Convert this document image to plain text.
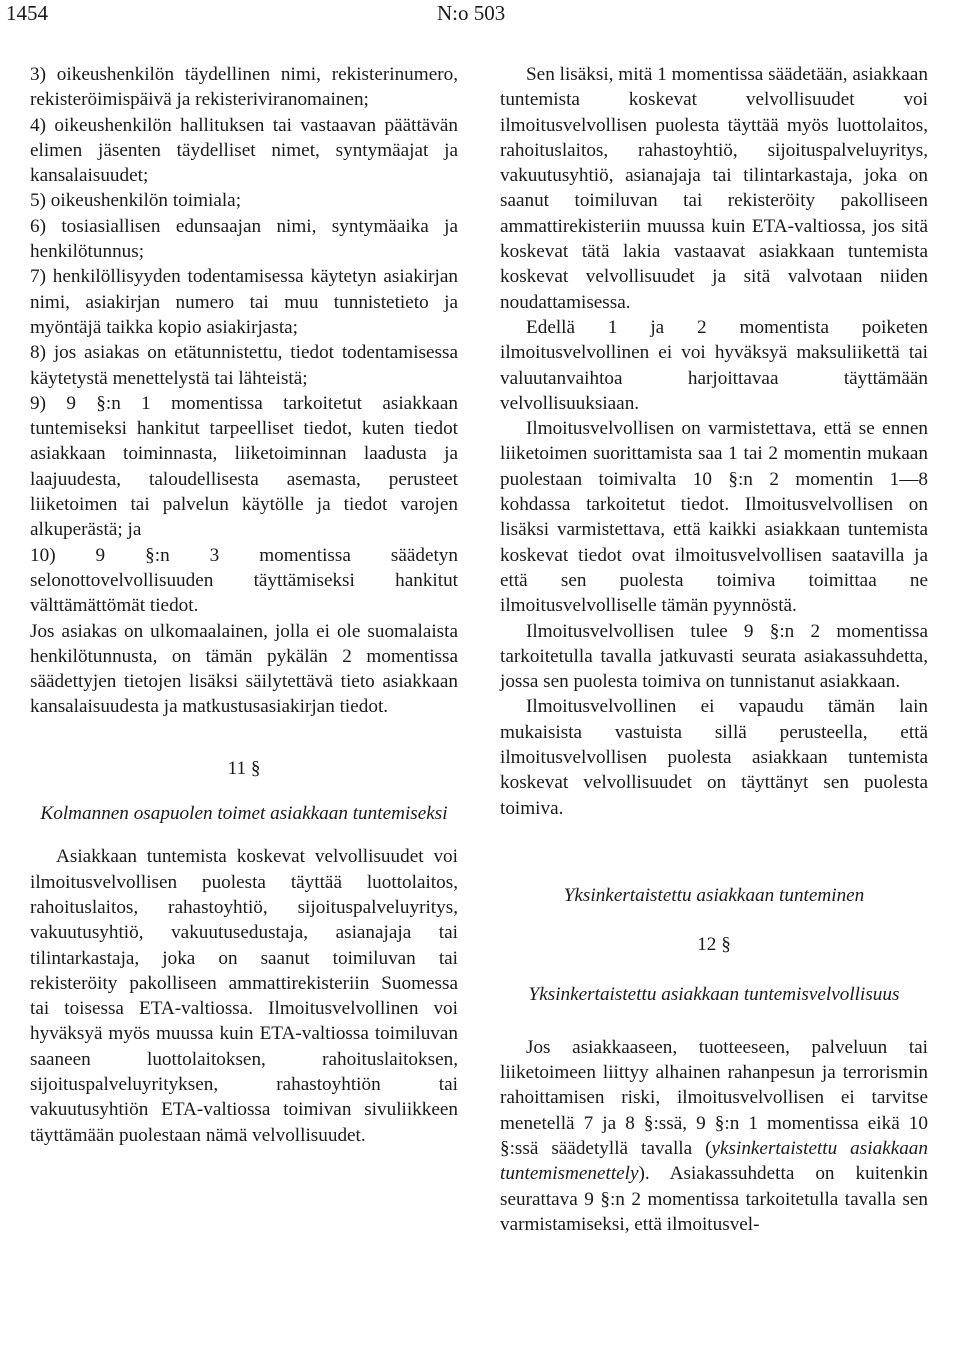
1454	N:o 503

3) oikeushenkilön täydellinen nimi, rekisterinumero, rekisteröimispäivä ja rekisteriviranomainen;

4) oikeushenkilön hallituksen tai vastaavan päättävän elimen jäsenten täydelliset nimet, syntymäajat ja kansalaisuudet;

5) oikeushenkilön toimiala;

6) tosiasiallisen edunsaajan nimi, syntymäaika ja henkilötunnus;

7) henkilöllisyyden todentamisessa käytetyn asiakirjan nimi, asiakirjan numero tai muu tunnistetieto ja myöntäjä taikka kopio asiakirjasta;

8) jos asiakas on etätunnistettu, tiedot todentamisessa käytetystä menettelystä tai lähteistä;

9) 9 §:n 1 momentissa tarkoitetut asiakkaan tuntemiseksi hankitut tarpeelliset tiedot, kuten tiedot asiakkaan toiminnasta, liiketoiminnan laadusta ja laajuudesta, taloudellisesta asemasta, perusteet liiketoimen tai palvelun käytölle ja tiedot varojen alkuperästä; ja

10) 9 §:n 3 momentissa säädetyn selonottovelvollisuuden täyttämiseksi hankitut välttämättömät tiedot.

Jos asiakas on ulkomaalainen, jolla ei ole suomalaista henkilötunnusta, on tämän pykälän 2 momentissa säädettyjen tietojen lisäksi säilytettävä tieto asiakkaan kansalaisuudesta ja matkustusasiakirjan tiedot.

11 §

Kolmannen osapuolen toimet asiakkaan tuntemiseksi

Asiakkaan tuntemista koskevat velvollisuudet voi ilmoitusvelvollisen puolesta täyttää luottolaitos, rahoituslaitos, rahastoyhtiö, sijoituspalveluyritys, vakuutusyhtiö, vakuutusedustaja, asianajaja tai tilintarkastaja, joka on saanut toimiluvan tai rekisteröity pakolliseen ammattirekisteriin Suomessa tai toisessa ETA-valtiossa. Ilmoitusvelvollinen voi hyväksyä myös muussa kuin ETA-valtiossa toimiluvan saaneen luottolaitoksen, rahoituslaitoksen, sijoituspalveluyrityksen, rahastoyhtiön tai vakuutusyhtiön ETA-valtiossa toimivan sivuliikkeen täyttämään puolestaan nämä velvollisuudet.

Sen lisäksi, mitä 1 momentissa säädetään, asiakkaan tuntemista koskevat velvollisuudet voi ilmoitusvelvollisen puolesta täyttää myös luottolaitos, rahoituslaitos, rahastoyhtiö, sijoituspalveluyritys, vakuutusyhtiö, asianajaja tai tilintarkastaja, joka on saanut toimiluvan tai rekisteröity pakolliseen ammattirekisteriin muussa kuin ETA-valtiossa, jos sitä koskevat tätä lakia vastaavat asiakkaan tuntemista koskevat velvollisuudet ja sitä valvotaan niiden noudattamisessa.

Edellä 1 ja 2 momentista poiketen ilmoitusvelvollinen ei voi hyväksyä maksuliikettä tai valuutanvaihtoa harjoittavaa täyttämään velvollisuuksiaan.

Ilmoitusvelvollisen on varmistettava, että se ennen liiketoimen suorittamista saa 1 tai 2 momentin mukaan puolestaan toimivalta 10 §:n 2 momentin 1—8 kohdassa tarkoitetut tiedot. Ilmoitusvelvollisen on lisäksi varmistettava, että kaikki asiakkaan tuntemista koskevat tiedot ovat ilmoitusvelvollisen saatavilla ja että sen puolesta toimiva toimittaa ne ilmoitusvelvolliselle tämän pyynnöstä.

Ilmoitusvelvollisen tulee 9 §:n 2 momentissa tarkoitetulla tavalla jatkuvasti seurata asiakassuhdetta, jossa sen puolesta toimiva on tunnistanut asiakkaan.

Ilmoitusvelvollinen ei vapaudu tämän lain mukaisista vastuista sillä perusteella, että ilmoitusvelvollisen puolesta asiakkaan tuntemista koskevat velvollisuudet on täyttänyt sen puolesta toimiva.

Yksinkertaistettu asiakkaan tunteminen

12 §

Yksinkertaistettu asiakkaan tuntemisvelvollisuus

Jos asiakkaaseen, tuotteeseen, palveluun tai liiketoimeen liittyy alhainen rahanpesun ja terrorismin rahoittamisen riski, ilmoitusvelvollisen ei tarvitse menetellä 7 ja 8 §:ssä, 9 §:n 1 momentissa eikä 10 §:ssä säädetyllä tavalla (yksinkertaistettu asiakkaan tuntemismenettely). Asiakassuhdetta on kuitenkin seurattava 9 §:n 2 momentissa tarkoitetulla tavalla sen varmistamiseksi, että ilmoitusvel-
